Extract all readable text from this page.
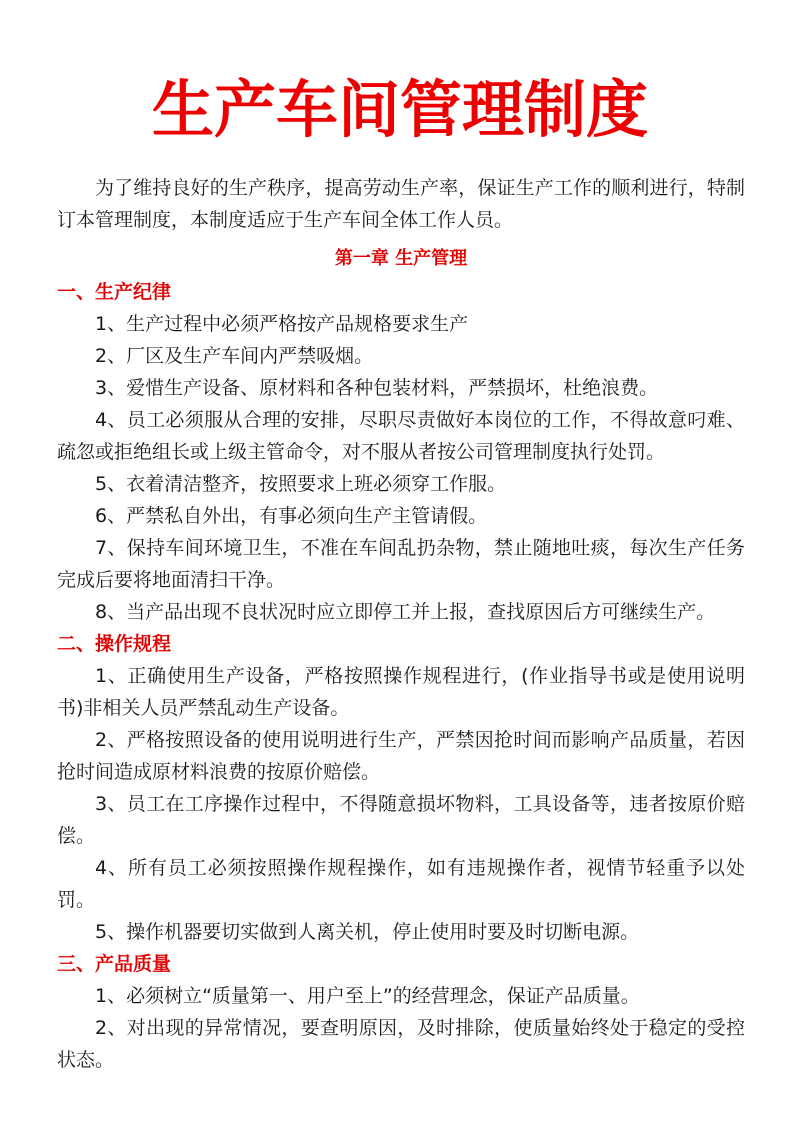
生产车间管理制度

为了维持良好的生产秩序，提高劳动生产率，保证生产工作的顺利进行，特制订本管理制度，本制度适应于生产车间全体工作人员。

第一章 生产管理
一、生产纪律

1、生产过程中必须严格按产品规格要求生产

2、厂区及生产车间内严禁吸烟。

3、爱惜生产设备、原材料和各种包装材料，严禁损坏，杜绝浪费。

4、员工必须服从合理的安排，尽职尽责做好本岗位的工作，不得故意叼难、疏忽或拒绝组长或上级主管命令，对不服从者按公司管理制度执行处罚。

5、衣着清洁整齐，按照要求上班必须穿工作服。

6、严禁私自外出，有事必须向生产主管请假。

7、保持车间环境卫生，不准在车间乱扔杂物，禁止随地吐痰，每次生产任务完成后要将地面清扫干净。

8、当产品出现不良状况时应立即停工并上报，查找原因后方可继续生产。

二、操作规程

1、正确使用生产设备，严格按照操作规程进行，(作业指导书或是使用说明书)非相关人员严禁乱动生产设备。

2、严格按照设备的使用说明进行生产，严禁因抢时间而影响产品质量，若因抢时间造成原材料浪费的按原价赔偿。

3、员工在工序操作过程中，不得随意损坏物料，工具设备等，违者按原价赔偿。

4、所有员工必须按照操作规程操作，如有违规操作者，视情节轻重予以处罚。

5、操作机器要切实做到人离关机，停止使用时要及时切断电源。

三、产品质量

1、必须树立“质量第一、用户至上”的经营理念，保证产品质量。

2、对出现的异常情况，要查明原因，及时排除，使质量始终处于稳定的受控状态。
